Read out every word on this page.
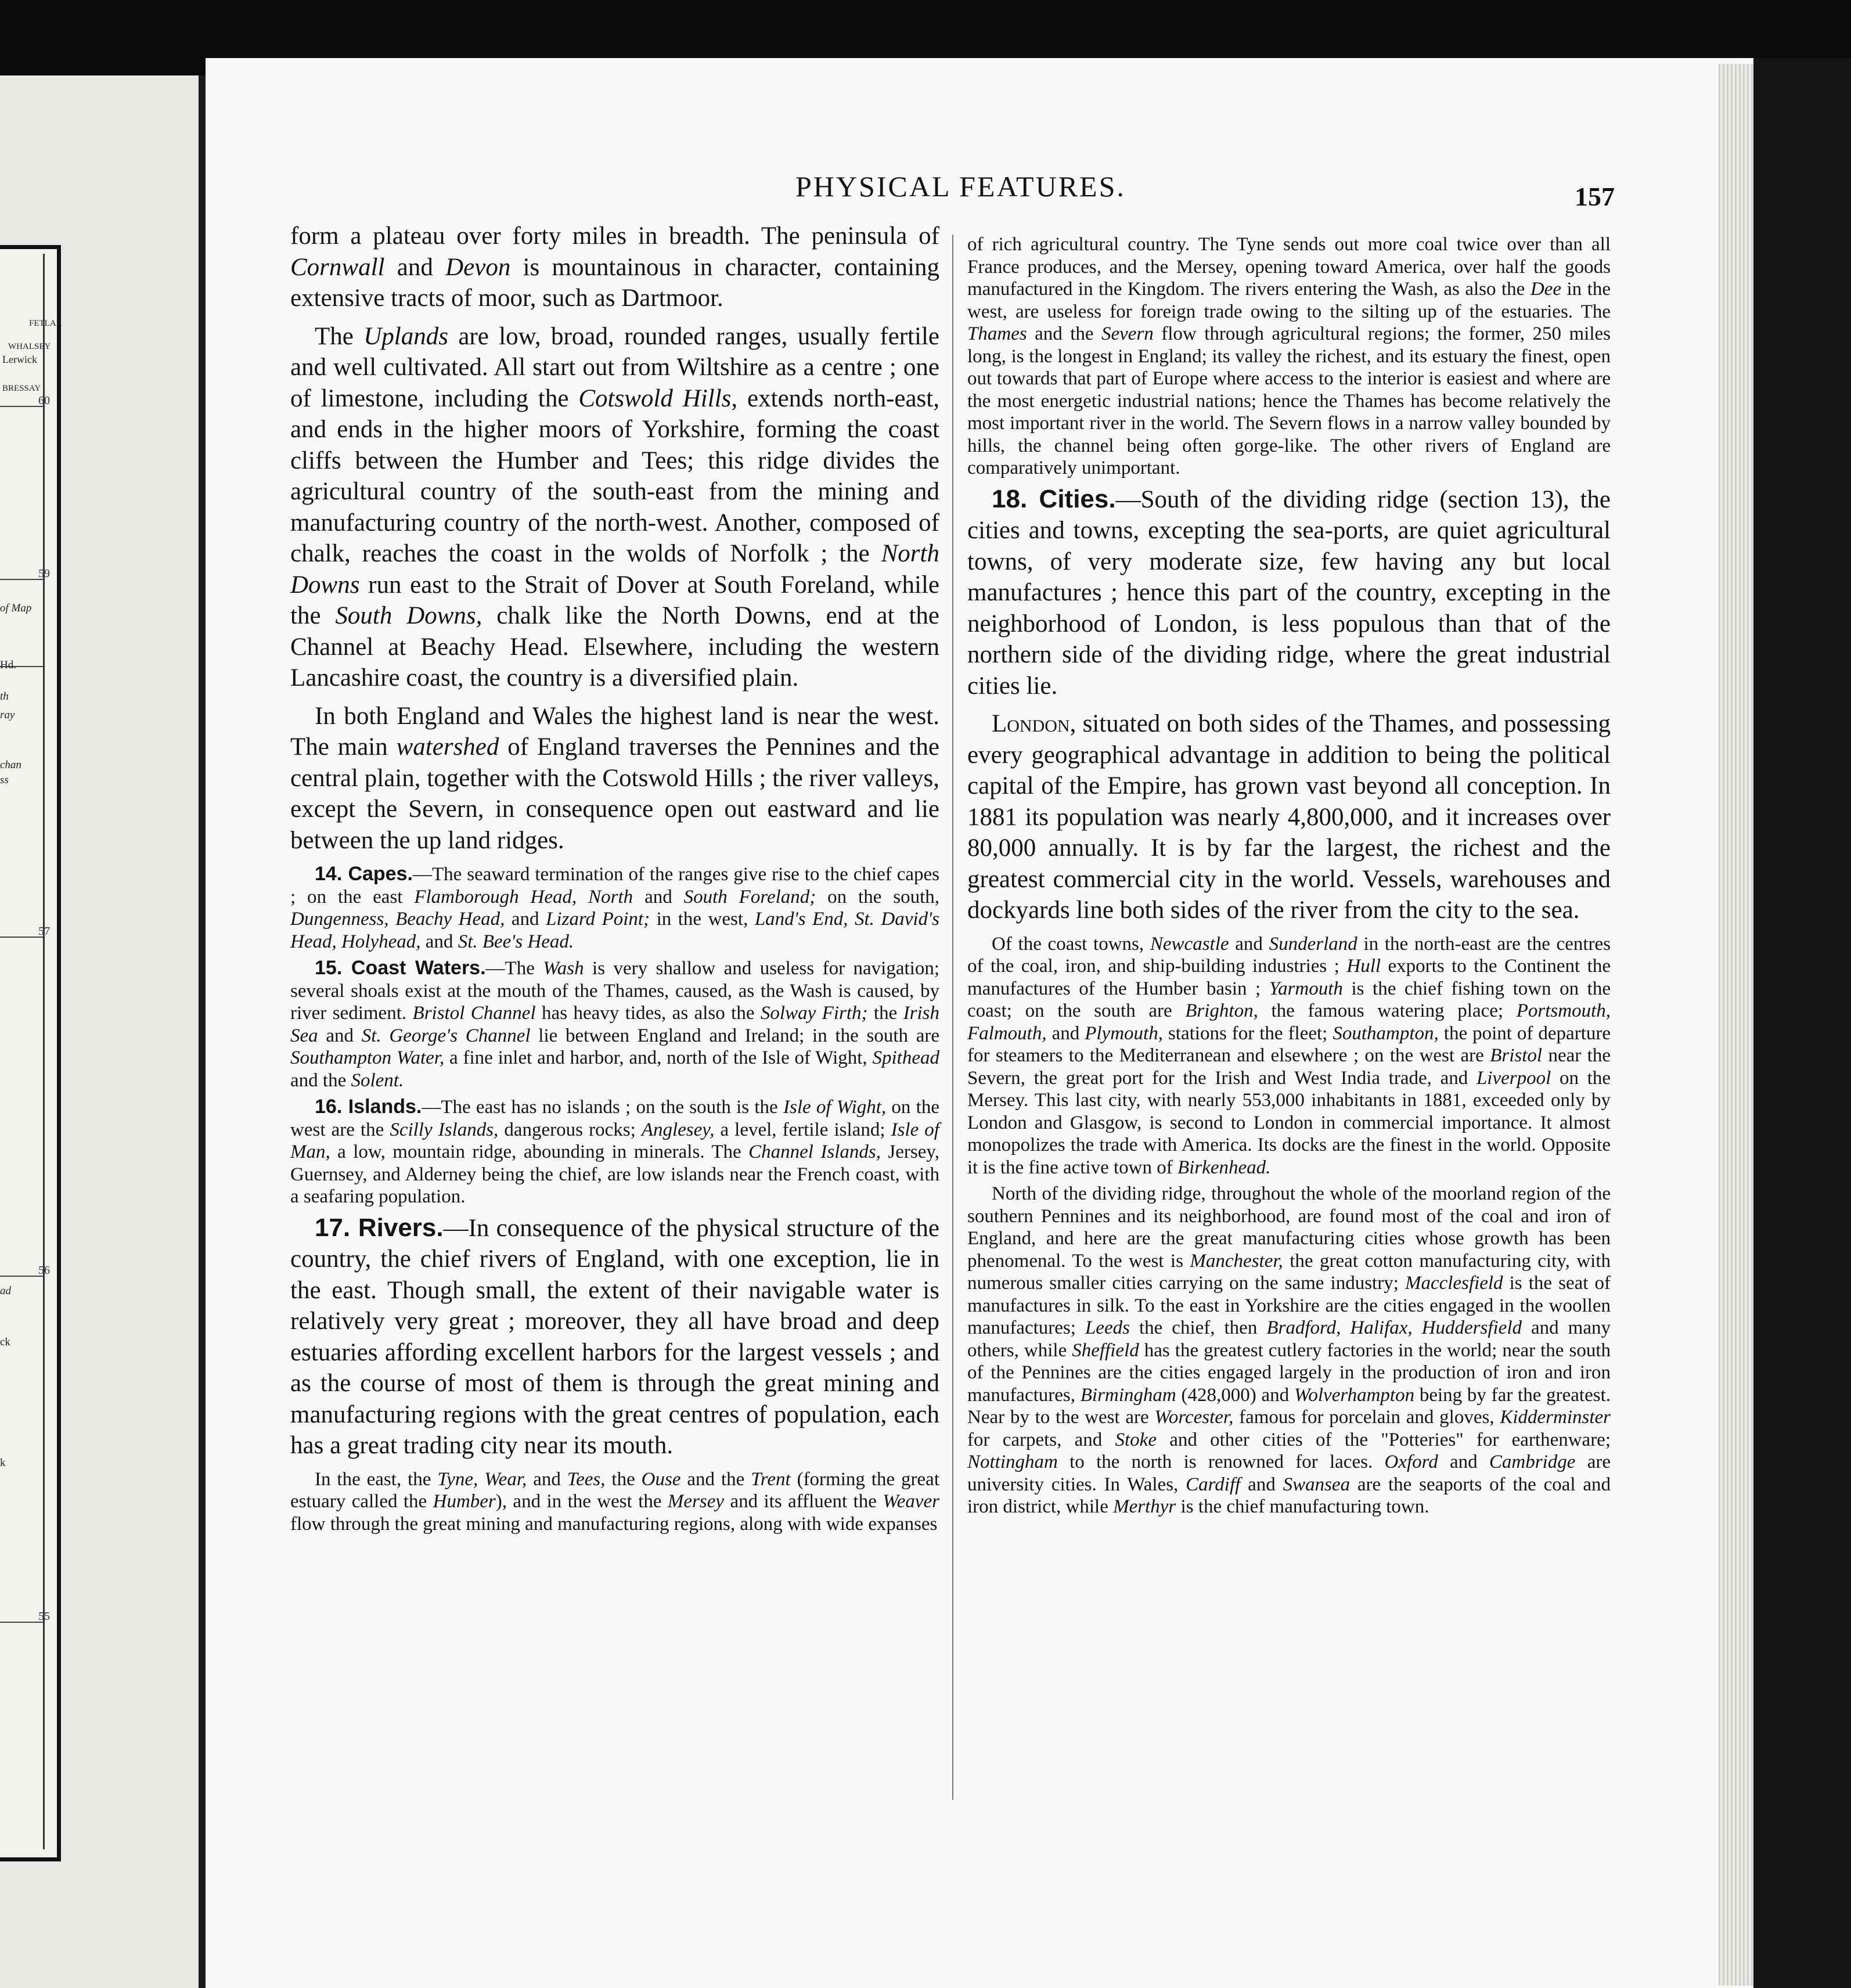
FETLAR
WHALSEY
Lerwick
BRESSAY
of Map
Hd.
th
ray
chan
ss
ad
ck
k
60
59
57
56
55
PHYSICAL FEATURES.	157

form a plateau over forty miles in breadth. The peninsula of Cornwall and Devon is mountainous in character, containing extensive tracts of moor, such as Dartmoor.

The Uplands are low, broad, rounded ranges, usually fertile and well cultivated. All start out from Wiltshire as a centre ; one of limestone, including the Cotswold Hills, extends north-east, and ends in the higher moors of Yorkshire, forming the coast cliffs between the Humber and Tees; this ridge divides the agricultural country of the south-east from the mining and manufacturing country of the north-west. Another, composed of chalk, reaches the coast in the wolds of Norfolk ; the North Downs run east to the Strait of Dover at South Foreland, while the South Downs, chalk like the North Downs, end at the Channel at Beachy Head. Elsewhere, including the western Lancashire coast, the country is a diversified plain.

In both England and Wales the highest land is near the west. The main watershed of England traverses the Pennines and the central plain, together with the Cotswold Hills ; the river valleys, except the Severn, in consequence open out eastward and lie between the up land ridges.

14. Capes.—The seaward termination of the ranges give rise to the chief capes ; on the east Flamborough Head, North and South Foreland; on the south, Dungenness, Beachy Head, and Lizard Point; in the west, Land's End, St. David's Head, Holyhead, and St. Bee's Head.

15. Coast Waters.—The Wash is very shallow and useless for navigation; several shoals exist at the mouth of the Thames, caused, as the Wash is caused, by river sediment. Bristol Channel has heavy tides, as also the Solway Firth; the Irish Sea and St. George's Channel lie between England and Ireland; in the south are Southampton Water, a fine inlet and harbor, and, north of the Isle of Wight, Spithead and the Solent.

16. Islands.—The east has no islands ; on the south is the Isle of Wight, on the west are the Scilly Islands, dangerous rocks; Anglesey, a level, fertile island; Isle of Man, a low, mountain ridge, abounding in minerals. The Channel Islands, Jersey, Guernsey, and Alderney being the chief, are low islands near the French coast, with a seafaring population.

17. Rivers.—In consequence of the physical structure of the country, the chief rivers of England, with one exception, lie in the east. Though small, the extent of their navigable water is relatively very great ; moreover, they all have broad and deep estuaries affording excellent harbors for the largest vessels ; and as the course of most of them is through the great mining and manufacturing regions with the great centres of population, each has a great trading city near its mouth.

In the east, the Tyne, Wear, and Tees, the Ouse and the Trent (forming the great estuary called the Humber), and in the west the Mersey and its affluent the Weaver flow through the great mining and manufacturing regions, along with wide expanses

of rich agricultural country. The Tyne sends out more coal twice over than all France produces, and the Mersey, opening toward America, over half the goods manufactured in the Kingdom. The rivers entering the Wash, as also the Dee in the west, are useless for foreign trade owing to the silting up of the estuaries. The Thames and the Severn flow through agricultural regions; the former, 250 miles long, is the longest in England; its valley the richest, and its estuary the finest, open out towards that part of Europe where access to the interior is easiest and where are the most energetic industrial nations; hence the Thames has become relatively the most important river in the world. The Severn flows in a narrow valley bounded by hills, the channel being often gorge-like. The other rivers of England are comparatively unimportant.

18. Cities.—South of the dividing ridge (section 13), the cities and towns, excepting the sea-ports, are quiet agricultural towns, of very moderate size, few having any but local manufactures ; hence this part of the country, excepting in the neighborhood of London, is less populous than that of the northern side of the dividing ridge, where the great industrial cities lie.

London, situated on both sides of the Thames, and possessing every geographical advantage in addition to being the political capital of the Empire, has grown vast beyond all conception. In 1881 its population was nearly 4,800,000, and it increases over 80,000 annually. It is by far the largest, the richest and the greatest commercial city in the world. Vessels, warehouses and dockyards line both sides of the river from the city to the sea.

Of the coast towns, Newcastle and Sunderland in the north-east are the centres of the coal, iron, and ship-building industries ; Hull exports to the Continent the manufactures of the Humber basin ; Yarmouth is the chief fishing town on the coast; on the south are Brighton, the famous watering place; Portsmouth, Falmouth, and Plymouth, stations for the fleet; Southampton, the point of departure for steamers to the Mediterranean and elsewhere ; on the west are Bristol near the Severn, the great port for the Irish and West India trade, and Liverpool on the Mersey. This last city, with nearly 553,000 inhabitants in 1881, exceeded only by London and Glasgow, is second to London in commercial importance. It almost monopolizes the trade with America. Its docks are the finest in the world. Opposite it is the fine active town of Birkenhead.

North of the dividing ridge, throughout the whole of the moorland region of the southern Pennines and its neighborhood, are found most of the coal and iron of England, and here are the great manufacturing cities whose growth has been phenomenal. To the west is Manchester, the great cotton manufacturing city, with numerous smaller cities carrying on the same industry; Macclesfield is the seat of manufactures in silk. To the east in Yorkshire are the cities engaged in the woollen manufactures; Leeds the chief, then Bradford, Halifax, Huddersfield and many others, while Sheffield has the greatest cutlery factories in the world; near the south of the Pennines are the cities engaged largely in the production of iron and iron manufactures, Birmingham (428,000) and Wolverhampton being by far the greatest. Near by to the west are Worcester, famous for porcelain and gloves, Kidderminster for carpets, and Stoke and other cities of the "Potteries" for earthenware; Nottingham to the north is renowned for laces. Oxford and Cambridge are university cities. In Wales, Cardiff and Swansea are the seaports of the coal and iron district, while Merthyr is the chief manufacturing town.
